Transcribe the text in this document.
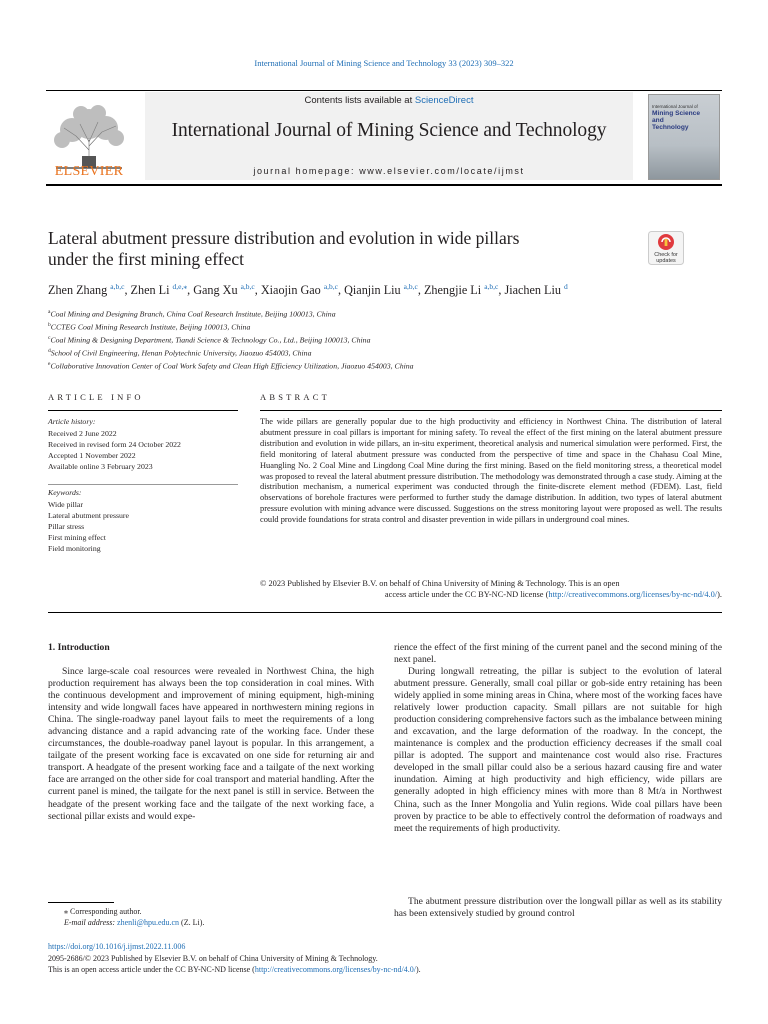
International Journal of Mining Science and Technology 33 (2023) 309–322
ELSEVIER
Contents lists available at ScienceDirect
International Journal of Mining Science and Technology
journal homepage: www.elsevier.com/locate/ijmst
International Journal of
Mining Science
and
Technology
Lateral abutment pressure distribution and evolution in wide pillars
under the first mining effect	Check for updates
Zhen Zhang $^{a,b,c}$, Zhen Li $^{d,e,⁎}$, Gang Xu $^{a,b,c}$, Xiaojin Gao $^{a,b,c}$, Qianjin Liu $^{a,b,c}$, Zhengjie Li $^{a,b,c}$, Jiachen Liu $^d$
$^a$Coal Mining and Designing Branch, China Coal Research Institute, Beijing 100013, China
$^b$CCTEG Coal Mining Research Institute, Beijing 100013, China
$^c$Coal Mining & Designing Department, Tiandi Science & Technology Co., Ltd., Beijing 100013, China
$^d$School of Civil Engineering, Henan Polytechnic University, Jiaozuo 454003, China
$^e$Collaborative Innovation Center of Coal Work Safety and Clean High Efficiency Utilization, Jiaozuo 454003, China
ARTICLE INFO
Article history:
Received 2 June 2022
Received in revised form 24 October 2022
Accepted 1 November 2022
Available online 3 February 2023
Keywords:
Wide pillar
Lateral abutment pressure
Pillar stress
First mining effect
Field monitoring
ABSTRACT
The wide pillars are generally popular due to the high productivity and efficiency in Northwest China. The distribution of lateral abutment pressure in coal pillars is important for mining safety. To reveal the effect of the first mining on the lateral abutment pressure distribution and evolution in wide pillars, an in-situ experiment, theoretical analysis and numerical simulation were performed. First, the field monitoring of lateral abutment pressure was conducted from the perspective of time and space in the Chahasu Coal Mine, Huangling No. 2 Coal Mine and Lingdong Coal Mine during the first mining. Based on the field monitoring stress, a theoretical model was proposed to reveal the lateral abutment pressure distribution. The methodology was demonstrated through a case study. Aiming at the distribution mechanism, a numerical experiment was conducted through the finite-discrete element method (FDEM). Last, field observations of borehole fractures were performed to further study the damage distribution. In addition, two types of lateral abutment pressure evolution with mining advance were discussed. Suggestions on the stress monitoring layout were proposed as well. The results could provide foundations for strata control and disaster prevention in wide pillars in underground coal mines.
© 2023 Published by Elsevier B.V. on behalf of China University of Mining & Technology. This is an open
access article under the CC BY-NC-ND license (http://creativecommons.org/licenses/by-nc-nd/4.0/).
1. Introduction
Since large-scale coal resources were revealed in Northwest China, the high production requirement has always been the top consideration in coal mines. With the continuous development and improvement of mining equipment, high-mining intensity and wide longwall faces have appeared in northwestern mining regions in China. The single-roadway panel layout fails to meet the requirements of a long advancing distance and a rapid advancing rate of the working face. Under these circumstances, the double-roadway panel layout is popular. In this arrangement, a tailgate of the present working face is excavated on one side for returning air and transport. A headgate of the present working face and a tailgate of the next working face are arranged on the other side for coal transport and material handling. After the current panel is mined, the tailgate for the next panel is still in service. Between the headgate of the present working face and the tailgate of the next working face, a sectional pillar exists and would expe-
rience the effect of the first mining of the current panel and the second mining of the next panel.
During longwall retreating, the pillar is subject to the evolution of lateral abutment pressure. Generally, small coal pillar or gob-side entry retaining has been widely applied in some mining areas in China, where most of the working faces have relatively lower production capacity. Small pillars are not suitable for high production considering comprehensive factors such as the imbalance between mining and excavation, and the large deformation of the roadway. In the concept, the maintenance is complex and the production efficiency decreases if the small coal pillar is adopted. The support and maintenance cost would also rise. Fractures developed in the small pillar could also be a serious hazard causing fire and water inundation. Aiming at high productivity and high efficiency, wide pillars are generally adopted in high efficiency mines with more than 8 Mt/a in Northwest China, such as the Inner Mongolia and Yulin regions. Wide coal pillars have been proven by practice to be able to effectively control the deformation of roadways and meet the requirements of high productivity.
The abutment pressure distribution over the longwall pillar as well as its stability has been extensively studied by ground control
⁎ Corresponding author.
E-mail address: zhenli@hpu.edu.cn (Z. Li).
https://doi.org/10.1016/j.ijmst.2022.11.006
2095-2686/© 2023 Published by Elsevier B.V. on behalf of China University of Mining & Technology.
This is an open access article under the CC BY-NC-ND license (http://creativecommons.org/licenses/by-nc-nd/4.0/).
